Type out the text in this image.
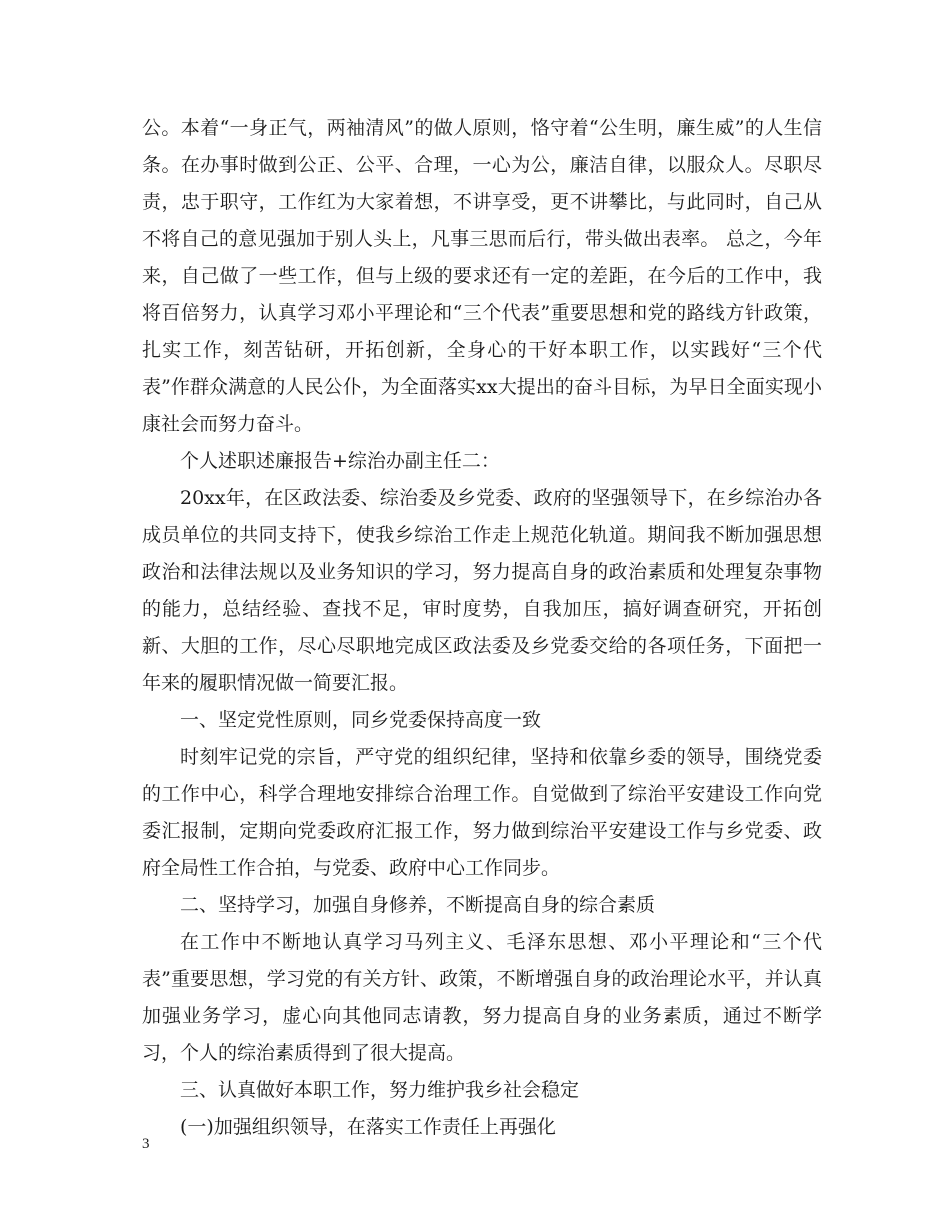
公。本着“一身正气，两袖清风”的做人原则，恪守着“公生明，廉生威”的人生信条。在办事时做到公正、公平、合理，一心为公，廉洁自律，以服众人。尽职尽责，忠于职守，工作红为大家着想，不讲享受，更不讲攀比，与此同时，自己从不将自己的意见强加于别人头上，凡事三思而后行，带头做出表率。 总之，今年来，自己做了一些工作，但与上级的要求还有一定的差距，在今后的工作中，我将百倍努力，认真学习邓小平理论和“三个代表”重要思想和党的路线方针政策，扎实工作，刻苦钻研，开拓创新，全身心的干好本职工作，以实践好“三个代表”作群众满意的人民公仆，为全面落实xx大提出的奋斗目标，为早日全面实现小康社会而努力奋斗。

个人述职述廉报告+综治办副主任二：

20xx年，在区政法委、综治委及乡党委、政府的坚强领导下，在乡综治办各成员单位的共同支持下，使我乡综治工作走上规范化轨道。期间我不断加强思想政治和法律法规以及业务知识的学习，努力提高自身的政治素质和处理复杂事物的能力，总结经验、查找不足，审时度势，自我加压，搞好调查研究，开拓创新、大胆的工作，尽心尽职地完成区政法委及乡党委交给的各项任务，下面把一年来的履职情况做一简要汇报。

一、坚定党性原则，同乡党委保持高度一致

时刻牢记党的宗旨，严守党的组织纪律，坚持和依靠乡委的领导，围绕党委的工作中心，科学合理地安排综合治理工作。自觉做到了综治平安建设工作向党委汇报制，定期向党委政府汇报工作，努力做到综治平安建设工作与乡党委、政府全局性工作合拍，与党委、政府中心工作同步。

二、坚持学习，加强自身修养，不断提高自身的综合素质

在工作中不断地认真学习马列主义、毛泽东思想、邓小平理论和“三个代表”重要思想，学习党的有关方针、政策，不断增强自身的政治理论水平，并认真加强业务学习，虚心向其他同志请教，努力提高自身的业务素质，通过不断学习，个人的综治素质得到了很大提高。

三、认真做好本职工作，努力维护我乡社会稳定

(一)加强组织领导，在落实工作责任上再强化

3
